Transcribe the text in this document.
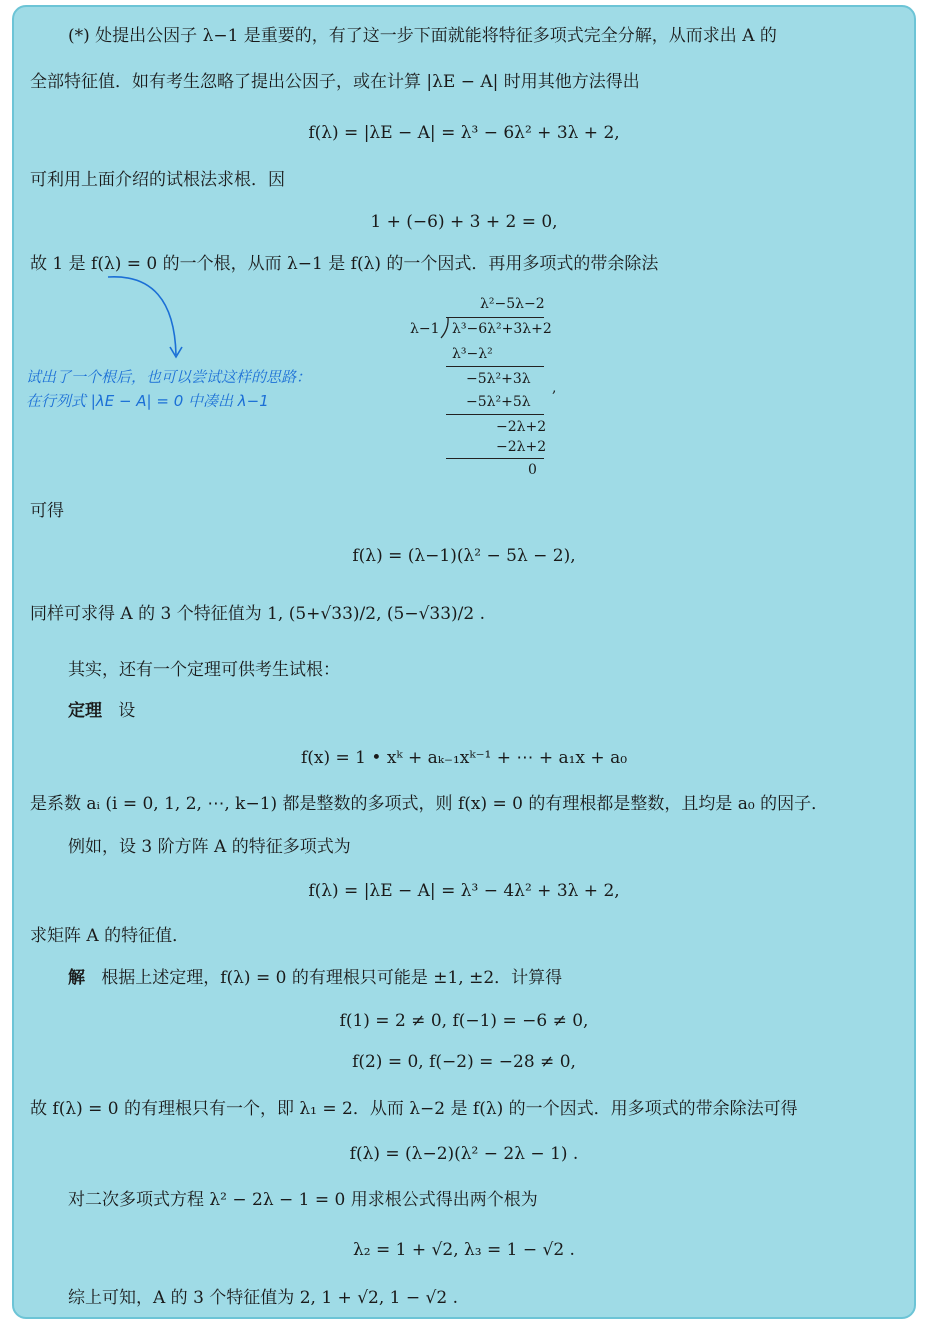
(*) 处提出公因子 λ−1 是重要的，有了这一步下面就能将特征多项式完全分解，从而求出 A 的
全部特征值．如有考生忽略了提出公因子，或在计算 |λE − A| 时用其他方法得出
f(λ) = |λE − A| = λ³ − 6λ² + 3λ + 2,
可利用上面介绍的试根法求根．因
1 + (−6) + 3 + 2 = 0,
故 1 是 f(λ) = 0 的一个根，从而 λ−1 是 f(λ) 的一个因式．再用多项式的带余除法
试出了一个根后，也可以尝试这样的思路：
在行列式 |λE − A| = 0 中凑出 λ−1
λ²−5λ−2
λ−1 λ³−6λ²+3λ+2
λ³−λ²
−5λ²+3λ
,
−5λ²+5λ
−2λ+2
−2λ+2
0
可得
f(λ) = (λ−1)(λ² − 5λ − 2),
同样可求得 A 的 3 个特征值为 1, (5+√33)/2, (5−√33)/2 .
其实，还有一个定理可供考生试根：
定理 设
f(x) = 1 • xᵏ + aₖ₋₁xᵏ⁻¹ + ⋯ + a₁x + a₀
是系数 aᵢ (i = 0, 1, 2, ⋯, k−1) 都是整数的多项式，则 f(x) = 0 的有理根都是整数，且均是 a₀ 的因子．
例如，设 3 阶方阵 A 的特征多项式为
f(λ) = |λE − A| = λ³ − 4λ² + 3λ + 2,
求矩阵 A 的特征值．
解 根据上述定理，f(λ) = 0 的有理根只可能是 ±1, ±2．计算得
f(1) = 2 ≠ 0, f(−1) = −6 ≠ 0,
f(2) = 0, f(−2) = −28 ≠ 0,
故 f(λ) = 0 的有理根只有一个，即 λ₁ = 2．从而 λ−2 是 f(λ) 的一个因式．用多项式的带余除法可得
f(λ) = (λ−2)(λ² − 2λ − 1) .
对二次多项式方程 λ² − 2λ − 1 = 0 用求根公式得出两个根为
λ₂ = 1 + √2, λ₃ = 1 − √2 .
综上可知，A 的 3 个特征值为 2, 1 + √2, 1 − √2 .
